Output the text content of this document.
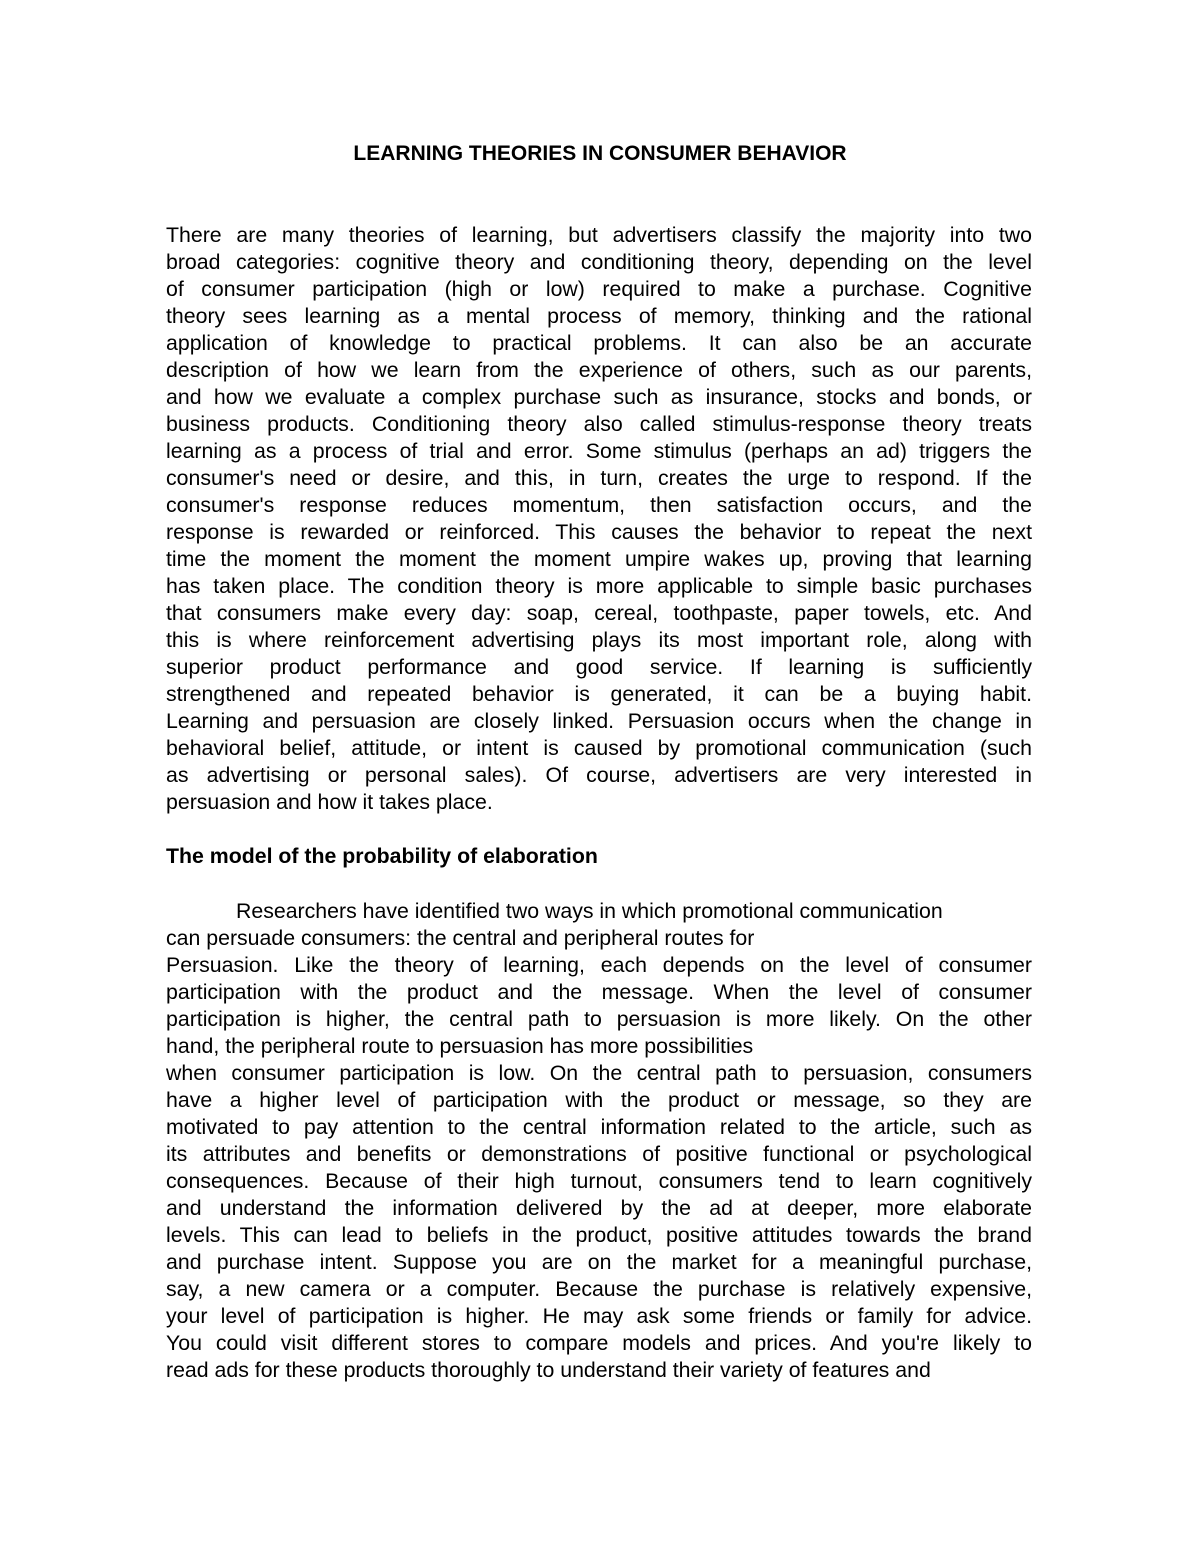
LEARNING THEORIES IN CONSUMER BEHAVIOR
There are many theories of learning, but advertisers classify the majority into two
broad categories: cognitive theory and conditioning theory, depending on the level
of consumer participation (high or low) required to make a purchase. Cognitive
theory sees learning as a mental process of memory, thinking and the rational
application of knowledge to practical problems. It can also be an accurate
description of how we learn from the experience of others, such as our parents,
and how we evaluate a complex purchase such as insurance, stocks and bonds, or
business products. Conditioning theory also called stimulus-response theory treats
learning as a process of trial and error. Some stimulus (perhaps an ad) triggers the
consumer's need or desire, and this, in turn, creates the urge to respond. If the
consumer's response reduces momentum, then satisfaction occurs, and the
response is rewarded or reinforced. This causes the behavior to repeat the next
time the moment the moment the moment umpire wakes up, proving that learning
has taken place. The condition theory is more applicable to simple basic purchases
that consumers make every day: soap, cereal, toothpaste, paper towels, etc. And
this is where reinforcement advertising plays its most important role, along with
superior product performance and good service. If learning is sufficiently
strengthened and repeated behavior is generated, it can be a buying habit.
Learning and persuasion are closely linked. Persuasion occurs when the change in
behavioral belief, attitude, or intent is caused by promotional communication (such
as advertising or personal sales). Of course, advertisers are very interested in
persuasion and how it takes place.
The model of the probability of elaboration
Researchers have identified two ways in which promotional communication
can persuade consumers: the central and peripheral routes for
Persuasion. Like the theory of learning, each depends on the level of consumer
participation with the product and the message. When the level of consumer
participation is higher, the central path to persuasion is more likely. On the other
hand, the peripheral route to persuasion has more possibilities
when consumer participation is low. On the central path to persuasion, consumers
have a higher level of participation with the product or message, so they are
motivated to pay attention to the central information related to the article, such as
its attributes and benefits or demonstrations of positive functional or psychological
consequences. Because of their high turnout, consumers tend to learn cognitively
and understand the information delivered by the ad at deeper, more elaborate
levels. This can lead to beliefs in the product, positive attitudes towards the brand
and purchase intent. Suppose you are on the market for a meaningful purchase,
say, a new camera or a computer. Because the purchase is relatively expensive,
your level of participation is higher. He may ask some friends or family for advice.
You could visit different stores to compare models and prices. And you're likely to
read ads for these products thoroughly to understand their variety of features and
